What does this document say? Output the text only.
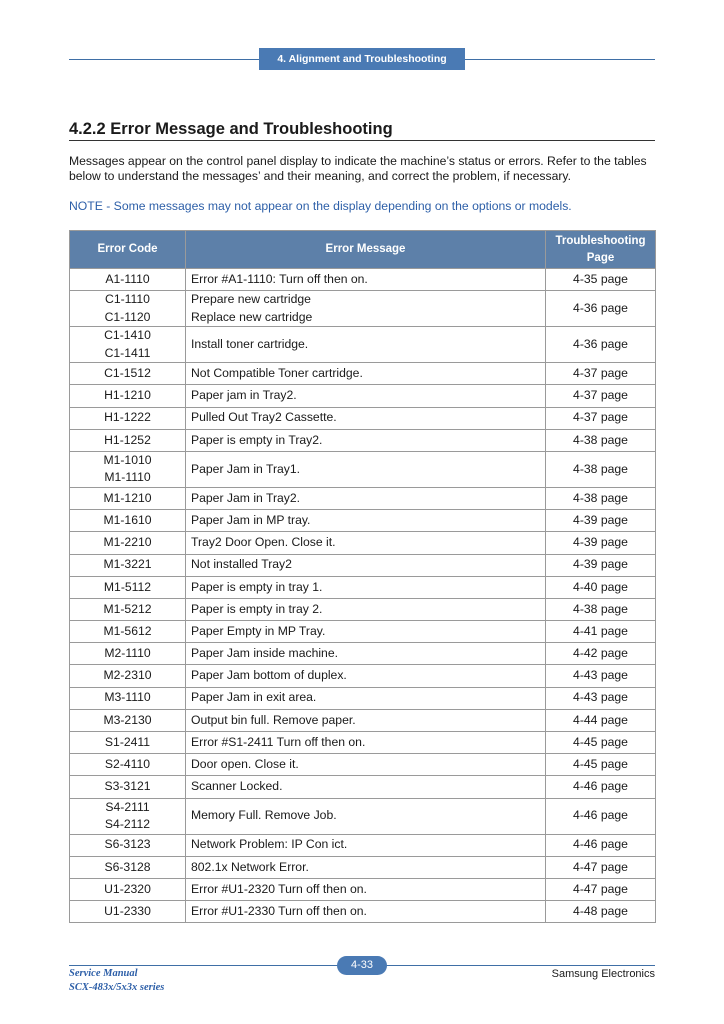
4. Alignment and Troubleshooting
4.2.2 Error Message and Troubleshooting
Messages appear on the control panel display to indicate the machine’s status or errors. Refer to the tables below to understand the messages’ and their meaning, and correct the problem, if necessary.
NOTE - Some messages may not appear on the display depending on the options or models.
Error Code	Error Message	Troubleshooting
Page

A1-1110	Error #A1-1110: Turn off then on.	4-35 page

C1-1110
C1-1120	Prepare new cartridge
Replace new cartridge	4-36 page

C1-1410
C1-1411	Install toner cartridge.	4-36 page

C1-1512	Not Compatible Toner cartridge.	4-37 page

H1-1210	Paper jam in Tray2.	4-37 page

H1-1222	Pulled Out Tray2 Cassette.	4-37 page

H1-1252	Paper is empty in Tray2.	4-38 page

M1-1010
M1-1110	Paper Jam in Tray1.	4-38 page

M1-1210	Paper Jam in Tray2.	4-38 page

M1-1610	Paper Jam in MP tray.	4-39 page

M1-2210	Tray2 Door Open. Close it.	4-39 page

M1-3221	Not installed Tray2	4-39 page

M1-5112	Paper is empty in tray 1.	4-40 page

M1-5212	Paper is empty in tray 2.	4-38 page

M1-5612	Paper Empty in MP Tray.	4-41 page

M2-1110	Paper Jam inside machine.	4-42 page

M2-2310	Paper Jam bottom of duplex.	4-43 page

M3-1110	Paper Jam in exit area.	4-43 page

M3-2130	Output bin full. Remove paper.	4-44 page

S1-2411	Error #S1-2411 Turn off then on.	4-45 page

S2-4110	Door open. Close it.	4-45 page

S3-3121	Scanner Locked.	4-46 page

S4-2111
S4-2112	Memory Full. Remove Job.	4-46 page

S6-3123	Network Problem: IP Con ict.	4-46 page

S6-3128	802.1x Network Error.	4-47 page

U1-2320	Error #U1-2320 Turn off then on.	4-47 page

U1-2330	Error #U1-2330 Turn off then on.	4-48 page
4-33
Service Manual
SCX-483x/5x3x series
Samsung Electronics
